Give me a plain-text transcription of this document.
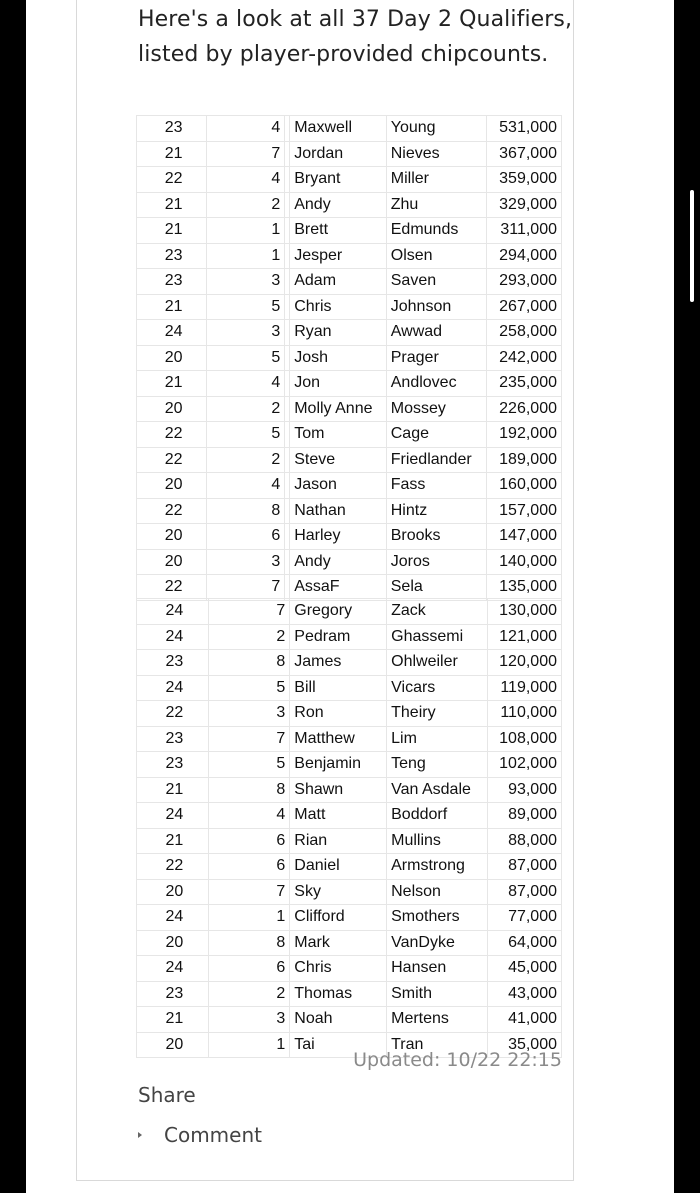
Here's a look at all 37 Day 2 Qualifiers, listed by player-provided chipcounts.

23	4		Maxwell	Young	531,000
21	7		Jordan	Nieves	367,000
22	4		Bryant	Miller	359,000
21	2		Andy	Zhu	329,000
21	1		Brett	Edmunds	311,000
23	1		Jesper	Olsen	294,000
23	3		Adam	Saven	293,000
21	5		Chris	Johnson	267,000
24	3		Ryan	Awwad	258,000
20	5		Josh	Prager	242,000
21	4		Jon	Andlovec	235,000
20	2		Molly Anne	Mossey	226,000
22	5		Tom	Cage	192,000
22	2		Steve	Friedlander	189,000
20	4		Jason	Fass	160,000
22	8		Nathan	Hintz	157,000
20	6		Harley	Brooks	147,000
20	3		Andy	Joros	140,000
22	7		AssaF	Sela	135,000
24	7	Gregory	Zack	130,000
24	2	Pedram	Ghassemi	121,000
23	8	James	Ohlweiler	120,000
24	5	Bill	Vicars	119,000
22	3	Ron	Theiry	110,000
23	7	Matthew	Lim	108,000
23	5	Benjamin	Teng	102,000
21	8	Shawn	Van Asdale	93,000
24	4	Matt	Boddorf	89,000
21	6	Rian	Mullins	88,000
22	6	Daniel	Armstrong	87,000
20	7	Sky	Nelson	87,000
24	1	Clifford	Smothers	77,000
20	8	Mark	VanDyke	64,000
24	6	Chris	Hansen	45,000
23	2	Thomas	Smith	43,000
21	3	Noah	Mertens	41,000
20	1	Tai	Tran	35,000
Updated: 10/22 22:15
Share
Comment
